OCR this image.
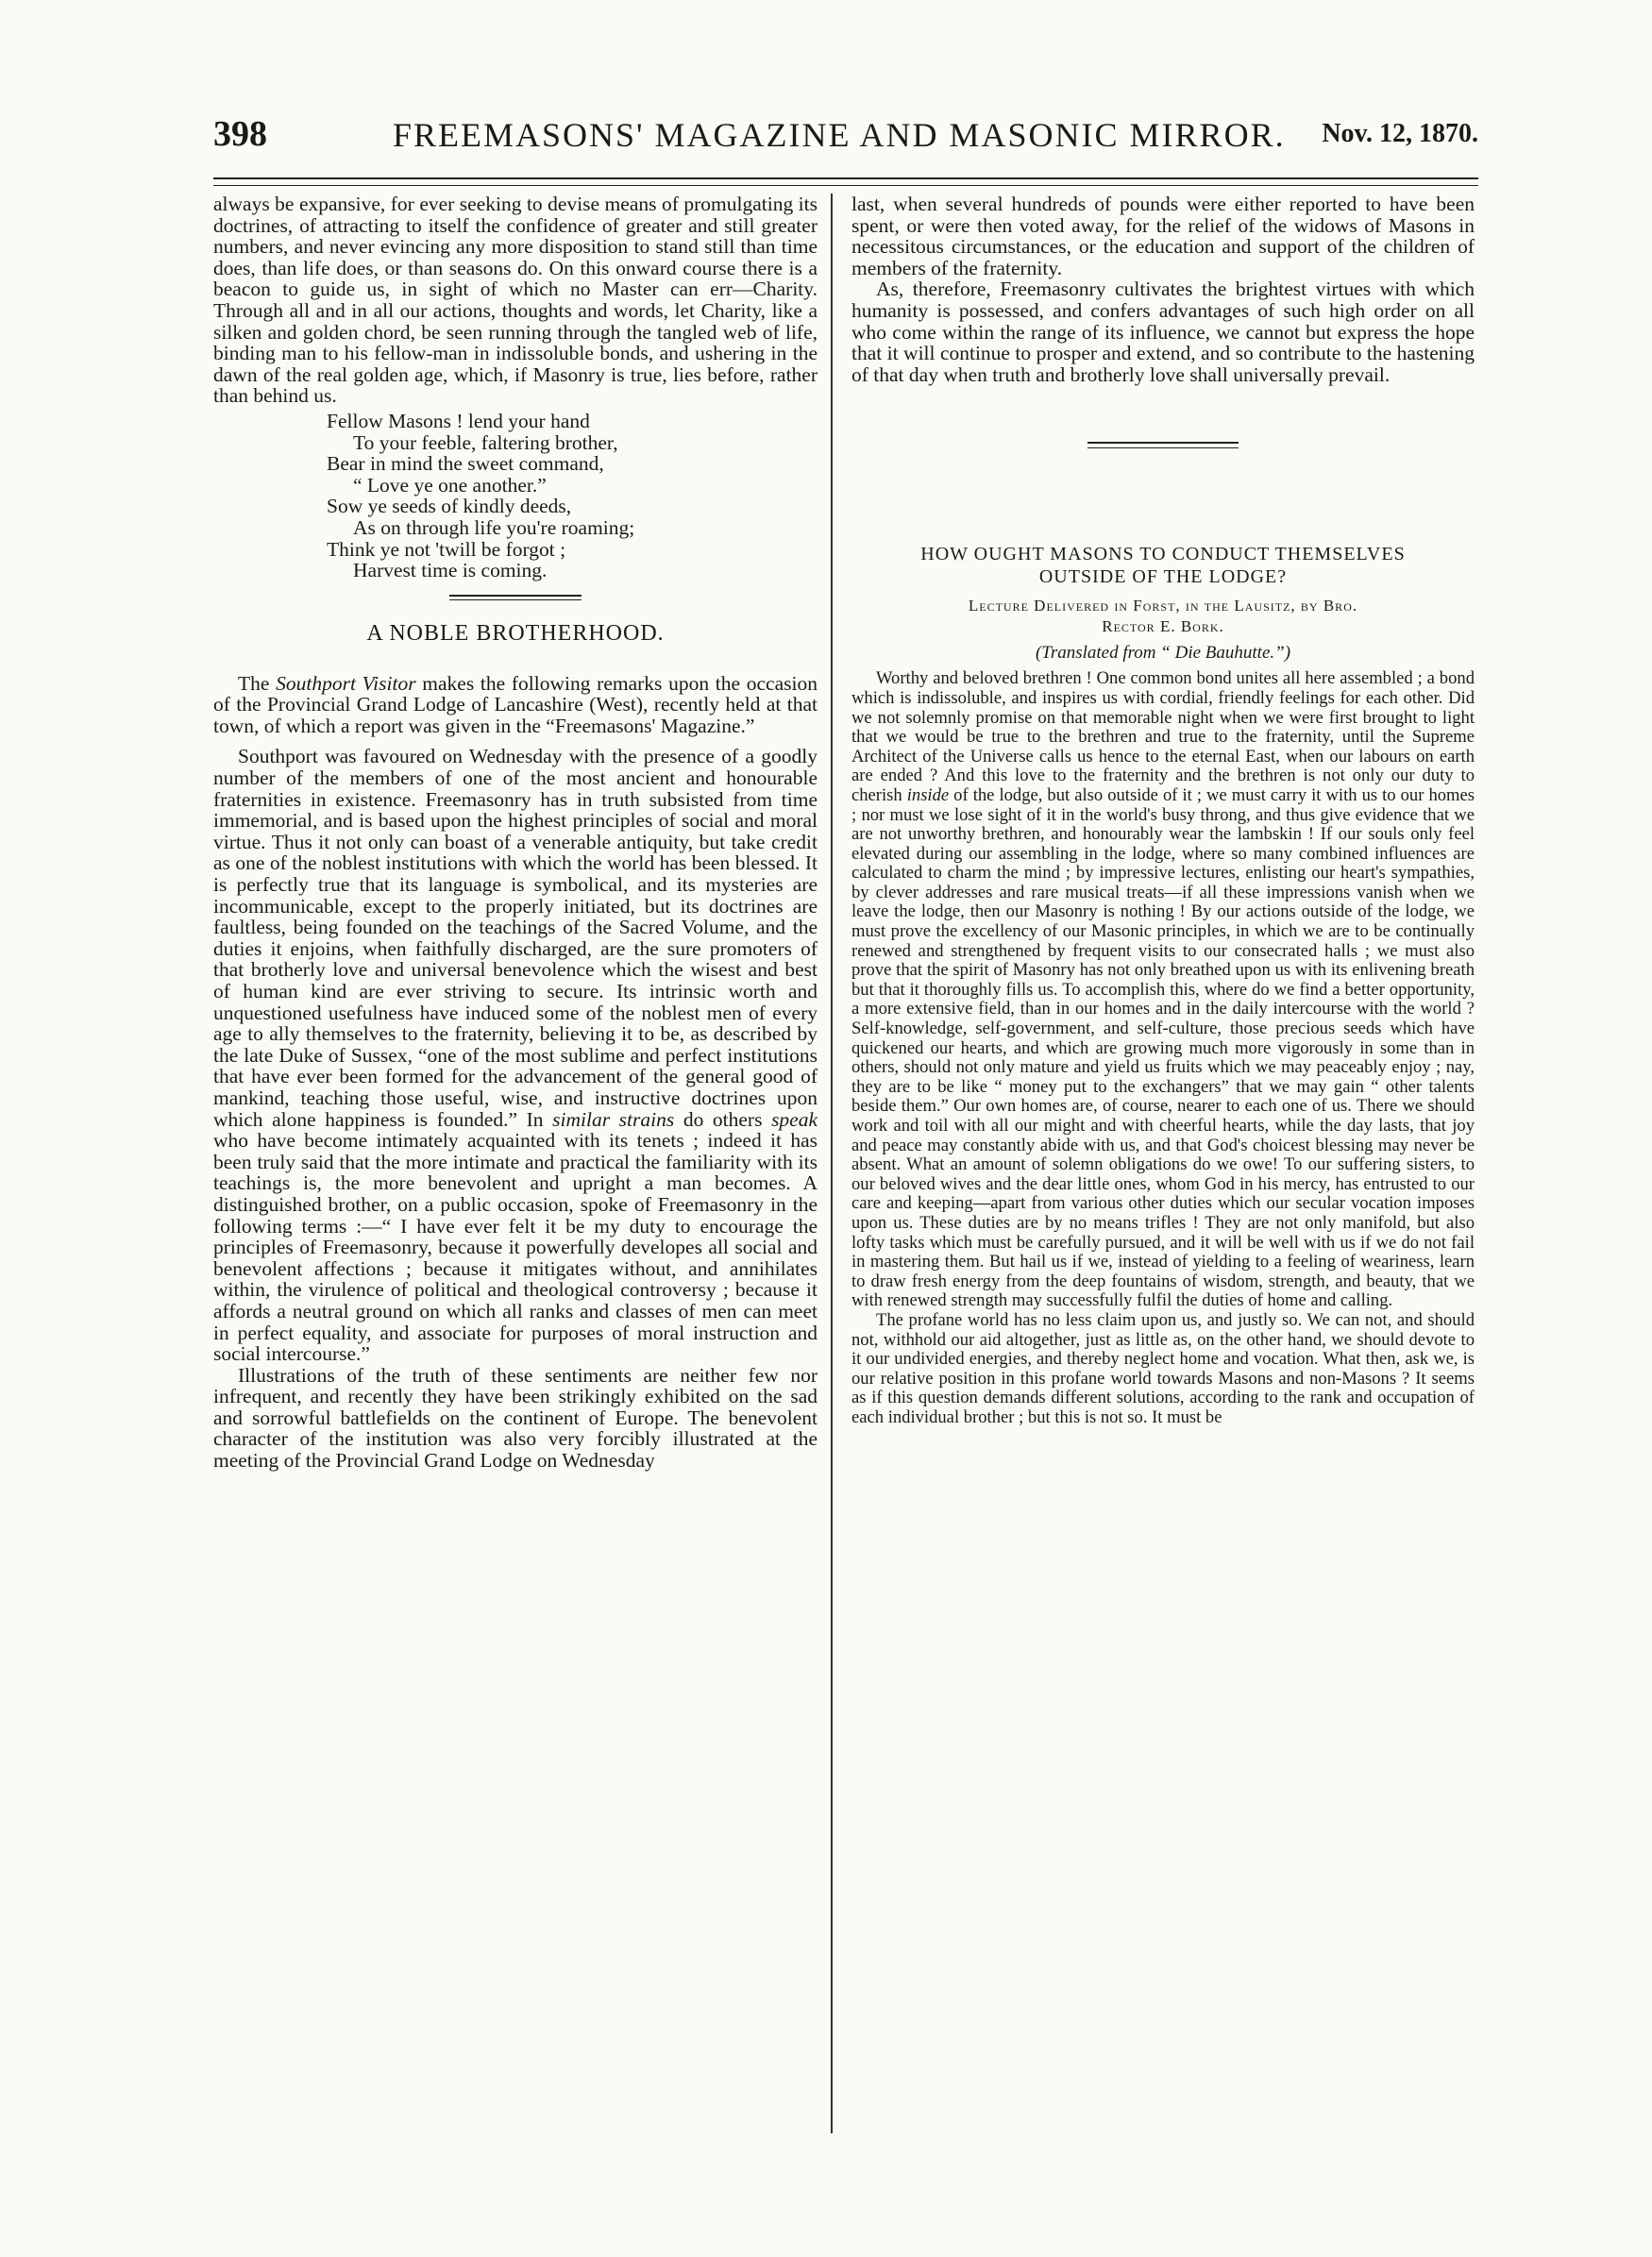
398	FREEMASONS' MAGAZINE AND MASONIC MIRROR. Nov. 12, 1870.

always be expansive, for ever seeking to devise means of promulgating its doctrines, of attracting to itself the confidence of greater and still greater numbers, and never evincing any more disposition to stand still than time does, than life does, or than seasons do. On this onward course there is a beacon to guide us, in sight of which no Master can err—Charity. Through all and in all our actions, thoughts and words, let Charity, like a silken and golden chord, be seen running through the tangled web of life, binding man to his fellow-man in indissoluble bonds, and ushering in the dawn of the real golden age, which, if Masonry is true, lies before, rather than behind us.

Fellow Masons ! lend your hand
To your feeble, faltering brother,
Bear in mind the sweet command,
“ Love ye one another.”
Sow ye seeds of kindly deeds,
As on through life you're roaming;
Think ye not 'twill be forgot ;
Harvest time is coming.
A NOBLE BROTHERHOOD.

The Southport Visitor makes the following remarks upon the occasion of the Provincial Grand Lodge of Lancashire (West), recently held at that town, of which a report was given in the “Freemasons' Magazine.”

Southport was favoured on Wednesday with the presence of a goodly number of the members of one of the most ancient and honourable fraternities in existence. Freemasonry has in truth subsisted from time immemorial, and is based upon the highest principles of social and moral virtue. Thus it not only can boast of a venerable antiquity, but take credit as one of the noblest institutions with which the world has been blessed. It is perfectly true that its language is symbolical, and its mysteries are incommunicable, except to the properly initiated, but its doctrines are faultless, being founded on the teachings of the Sacred Volume, and the duties it enjoins, when faithfully discharged, are the sure promoters of that brotherly love and universal benevolence which the wisest and best of human kind are ever striving to secure. Its intrinsic worth and unquestioned usefulness have induced some of the noblest men of every age to ally themselves to the fraternity, believing it to be, as described by the late Duke of Sussex, “one of the most sublime and perfect institutions that have ever been formed for the advancement of the general good of mankind, teaching those useful, wise, and instructive doctrines upon which alone happiness is founded.” In similar strains do others speak who have become intimately acquainted with its tenets ; indeed it has been truly said that the more intimate and practical the familiarity with its teachings is, the more benevolent and upright a man becomes. A distinguished brother, on a public occasion, spoke of Freemasonry in the following terms :—“ I have ever felt it be my duty to encourage the principles of Freemasonry, because it powerfully developes all social and benevolent affections ; because it mitigates without, and annihilates within, the virulence of political and theological controversy ; because it affords a neutral ground on which all ranks and classes of men can meet in perfect equality, and associate for purposes of moral instruction and social intercourse.”

Illustrations of the truth of these sentiments are neither few nor infrequent, and recently they have been strikingly exhibited on the sad and sorrowful battlefields on the continent of Europe. The benevolent character of the institution was also very forcibly illustrated at the meeting of the Provincial Grand Lodge on Wednesday

last, when several hundreds of pounds were either reported to have been spent, or were then voted away, for the relief of the widows of Masons in necessitous circumstances, or the education and support of the children of members of the fraternity.

As, therefore, Freemasonry cultivates the brightest virtues with which humanity is possessed, and confers advantages of such high order on all who come within the range of its influence, we cannot but express the hope that it will continue to prosper and extend, and so contribute to the hastening of that day when truth and brotherly love shall universally prevail.

HOW OUGHT MASONS TO CONDUCT THEMSELVES
OUTSIDE OF THE LODGE?
Lecture Delivered in Forst, in the Lausitz, by Bro.
Rector E. Bork.
(Translated from “ Die Bauhutte.”)

Worthy and beloved brethren ! One common bond unites all here assembled ; a bond which is indissoluble, and inspires us with cordial, friendly feelings for each other. Did we not solemnly promise on that memorable night when we were first brought to light that we would be true to the brethren and true to the fraternity, until the Supreme Architect of the Universe calls us hence to the eternal East, when our labours on earth are ended ? And this love to the fraternity and the brethren is not only our duty to cherish inside of the lodge, but also outside of it ; we must carry it with us to our homes ; nor must we lose sight of it in the world's busy throng, and thus give evidence that we are not unworthy brethren, and honourably wear the lambskin ! If our souls only feel elevated during our assembling in the lodge, where so many combined influences are calculated to charm the mind ; by impressive lectures, enlisting our heart's sympathies, by clever addresses and rare musical treats—if all these impressions vanish when we leave the lodge, then our Masonry is nothing ! By our actions outside of the lodge, we must prove the excellency of our Masonic principles, in which we are to be continually renewed and strengthened by frequent visits to our consecrated halls ; we must also prove that the spirit of Masonry has not only breathed upon us with its enlivening breath but that it thoroughly fills us. To accomplish this, where do we find a better opportunity, a more extensive field, than in our homes and in the daily intercourse with the world ? Self-knowledge, self-government, and self-culture, those precious seeds which have quickened our hearts, and which are growing much more vigorously in some than in others, should not only mature and yield us fruits which we may peaceably enjoy ; nay, they are to be like “ money put to the exchangers” that we may gain “ other talents beside them.” Our own homes are, of course, nearer to each one of us. There we should work and toil with all our might and with cheerful hearts, while the day lasts, that joy and peace may constantly abide with us, and that God's choicest blessing may never be absent. What an amount of solemn obligations do we owe! To our suffering sisters, to our beloved wives and the dear little ones, whom God in his mercy, has entrusted to our care and keeping—apart from various other duties which our secular vocation imposes upon us. These duties are by no means trifles ! They are not only manifold, but also lofty tasks which must be carefully pursued, and it will be well with us if we do not fail in mastering them. But hail us if we, instead of yielding to a feeling of weariness, learn to draw fresh energy from the deep fountains of wisdom, strength, and beauty, that we with renewed strength may successfully fulfil the duties of home and calling.

The profane world has no less claim upon us, and justly so. We can not, and should not, withhold our aid altogether, just as little as, on the other hand, we should devote to it our undivided energies, and thereby neglect home and vocation. What then, ask we, is our relative position in this profane world towards Masons and non-Masons ? It seems as if this question demands different solutions, according to the rank and occupation of each individual brother ; but this is not so. It must be
